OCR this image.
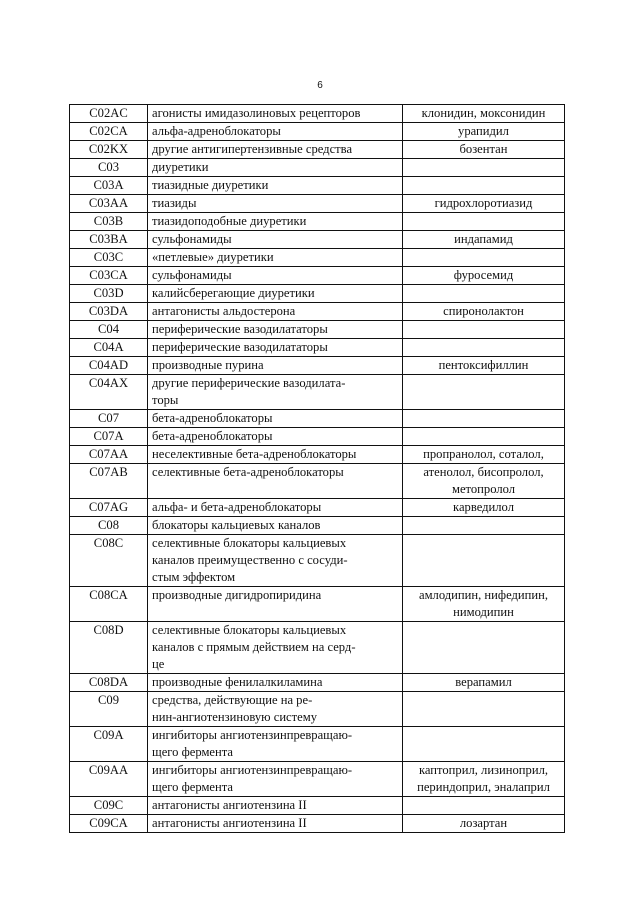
6
C02AC	агонисты имидазолиновых рецепторов	клонидин, моксонидин

C02CA	альфа-адреноблокаторы	урапидил

C02KX	другие антигипертензивные средства	бозентан

C03	диуретики	

C03A	тиазидные диуретики	

C03AA	тиазиды	гидрохлоротиазид

C03B	тиазидоподобные диуретики	

C03BA	сульфонамиды	индапамид

C03C	«петлевые» диуретики	

C03CA	сульфонамиды	фуросемид

C03D	калийсберегающие диуретики	

C03DA	антагонисты альдостерона	спиронолактон

C04	периферические вазодилататоры	

C04A	периферические вазодилататоры	

C04AD	производные пурина	пентоксифиллин

C04AX	другие периферические вазодилата-
торы	

C07	бета-адреноблокаторы	

C07A	бета-адреноблокаторы	

C07AA	неселективные бета-адреноблокаторы	пропранолол, соталол,

C07AB	селективные бета-адреноблокаторы	атенолол, бисопролол,
метопролол

C07AG	альфа- и бета-адреноблокаторы	карведилол

C08	блокаторы кальциевых каналов	

C08C	селективные блокаторы кальциевых
каналов преимущественно с сосуди-
стым эффектом	

C08CA	производные дигидропиридина	амлодипин, нифедипин,
нимодипин

C08D	селективные блокаторы кальциевых
каналов с прямым действием на серд-
це	

C08DA	производные фенилалкиламина	верапамил

C09	средства, действующие на ре-
нин-ангиотензиновую систему	

C09A	ингибиторы ангиотензинпревращаю-
щего фермента	

C09AA	ингибиторы ангиотензинпревращаю-
щего фермента	каптоприл, лизиноприл,
периндоприл, эналаприл

C09C	антагонисты ангиотензина II	

C09CA	антагонисты ангиотензина II	лозартан
